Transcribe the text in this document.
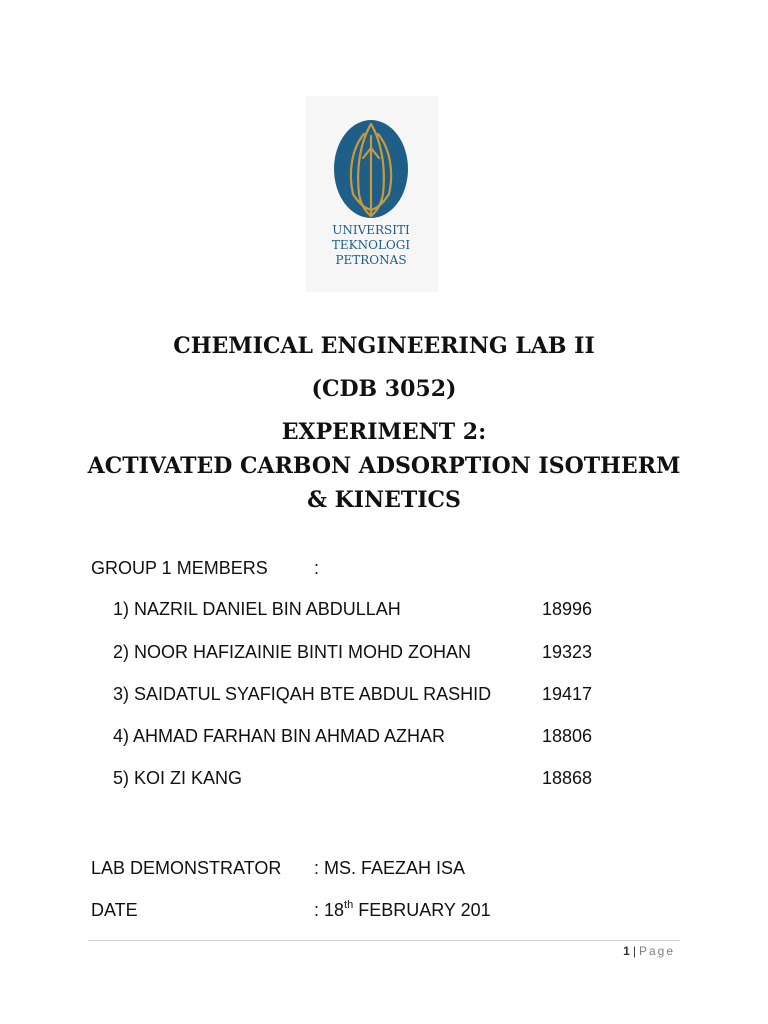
UNIVERSITI
TEKNOLOGI
PETRONAS
CHEMICAL ENGINEERING LAB II
(CDB 3052)
EXPERIMENT 2:
ACTIVATED CARBON ADSORPTION ISOTHERM
& KINETICS
GROUP 1 MEMBERS	:
1) NAZRIL DANIEL BIN ABDULLAH	18996
2) NOOR HAFIZAINIE BINTI MOHD ZOHAN	19323
3) SAIDATUL SYAFIQAH BTE ABDUL RASHID	19417
4) AHMAD FARHAN BIN AHMAD AZHAR	18806
5) KOI ZI KANG	18868
LAB DEMONSTRATOR : MS. FAEZAH ISA
DATE	: 18th FEBRUARY 201
1 | Page
